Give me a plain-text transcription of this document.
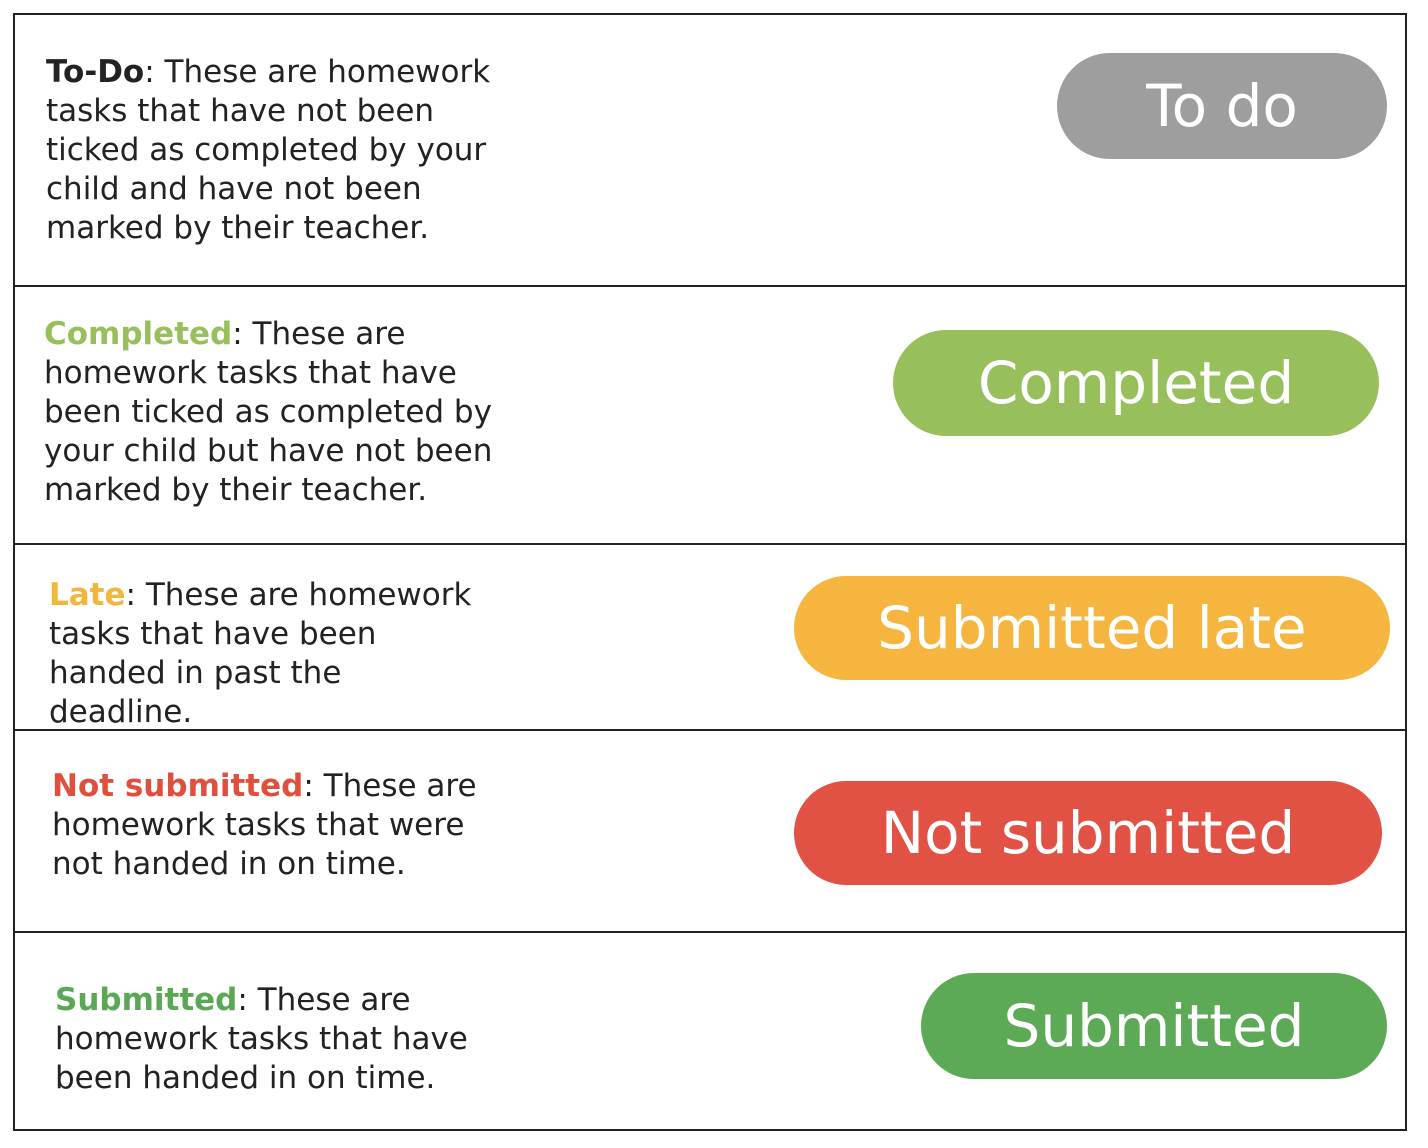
To-Do: These are homework tasks that have not been ticked as completed by your child and have not been marked by their teacher.
To do
Completed: These are homework tasks that have been ticked as completed by your child but have not been marked by their teacher.
Completed
Late: These are homework tasks that have been handed in past the deadline.
Submitted late
Not submitted: These are homework tasks that were not handed in on time.	Not submitted
Submitted: These are homework tasks that have been handed in on time.
Submitted
